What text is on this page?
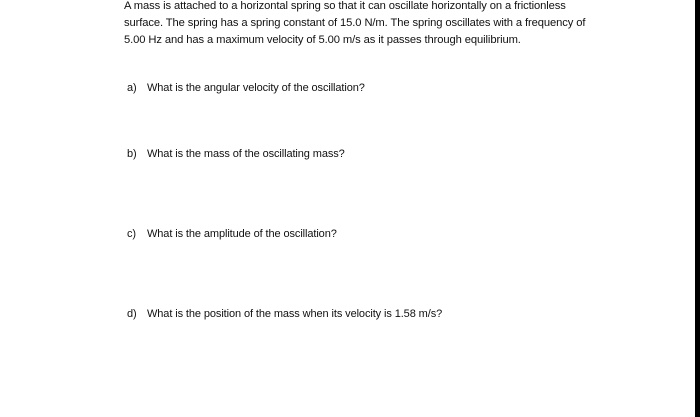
A mass is attached to a horizontal spring so that it can oscillate horizontally on a frictionless
surface. The spring has a spring constant of 15.0 N/m. The spring oscillates with a frequency of
5.00 Hz and has a maximum velocity of 5.00 m/s as it passes through equilibrium.
a) What is the angular velocity of the oscillation?
b) What is the mass of the oscillating mass?
c) What is the amplitude of the oscillation?
d) What is the position of the mass when its velocity is 1.58 m/s?
